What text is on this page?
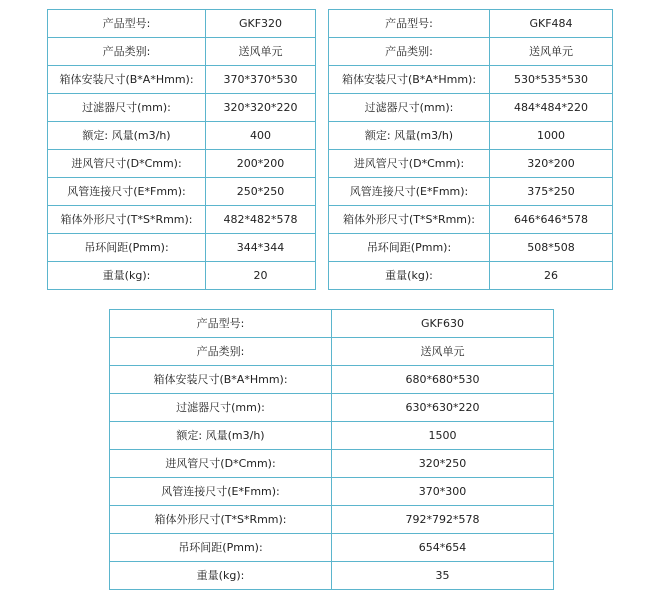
产品型号:	GKF320
产品类别:	送风单元
箱体安装尺寸(B*A*Hmm):	370*370*530
过滤器尺寸(mm):	320*320*220
额定: 风量(m3/h)	400
进风管尺寸(D*Cmm):	200*200
风管连接尺寸(E*Fmm):	250*250
箱体外形尺寸(T*S*Rmm):	482*482*578
吊环间距(Pmm):	344*344
重量(kg):	20
产品型号:	GKF484
产品类别:	送风单元
箱体安装尺寸(B*A*Hmm):	530*535*530
过滤器尺寸(mm):	484*484*220
额定: 风量(m3/h)	1000
进风管尺寸(D*Cmm):	320*200
风管连接尺寸(E*Fmm):	375*250
箱体外形尺寸(T*S*Rmm):	646*646*578
吊环间距(Pmm):	508*508
重量(kg):	26
产品型号:	GKF630
产品类别:	送风单元
箱体安装尺寸(B*A*Hmm):	680*680*530
过滤器尺寸(mm):	630*630*220
额定: 风量(m3/h)	1500
进风管尺寸(D*Cmm):	320*250
风管连接尺寸(E*Fmm):	370*300
箱体外形尺寸(T*S*Rmm):	792*792*578
吊环间距(Pmm):	654*654
重量(kg):	35
